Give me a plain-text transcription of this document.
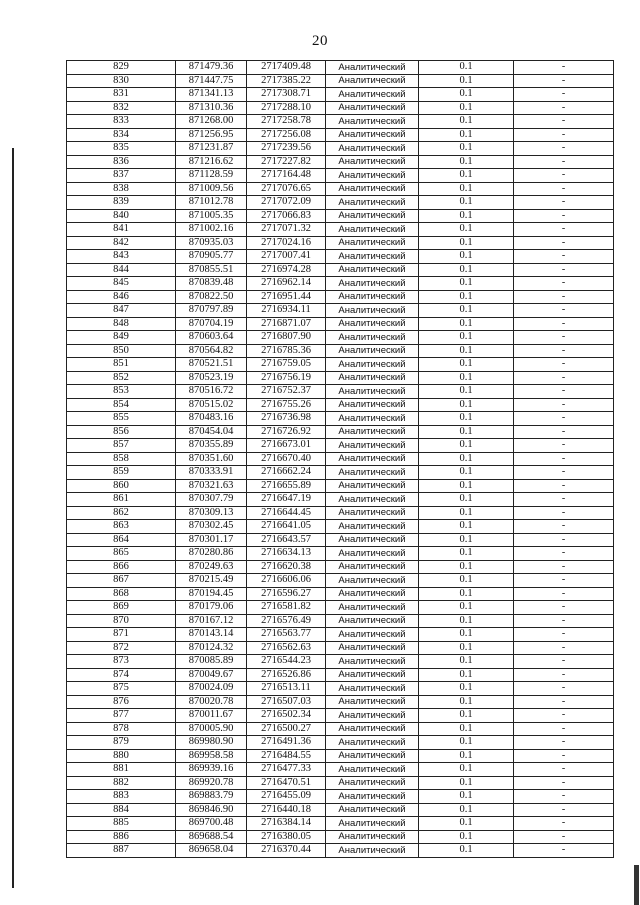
20
829	871479.36	2717409.48	Аналитический	0.1	-
830	871447.75	2717385.22	Аналитический	0.1	-
831	871341.13	2717308.71	Аналитический	0.1	-
832	871310.36	2717288.10	Аналитический	0.1	-
833	871268.00	2717258.78	Аналитический	0.1	-
834	871256.95	2717256.08	Аналитический	0.1	-
835	871231.87	2717239.56	Аналитический	0.1	-
836	871216.62	2717227.82	Аналитический	0.1	-
837	871128.59	2717164.48	Аналитический	0.1	-
838	871009.56	2717076.65	Аналитический	0.1	-
839	871012.78	2717072.09	Аналитический	0.1	-
840	871005.35	2717066.83	Аналитический	0.1	-
841	871002.16	2717071.32	Аналитический	0.1	-
842	870935.03	2717024.16	Аналитический	0.1	-
843	870905.77	2717007.41	Аналитический	0.1	-
844	870855.51	2716974.28	Аналитический	0.1	-
845	870839.48	2716962.14	Аналитический	0.1	-
846	870822.50	2716951.44	Аналитический	0.1	-
847	870797.89	2716934.11	Аналитический	0.1	-
848	870704.19	2716871.07	Аналитический	0.1	-
849	870603.64	2716807.90	Аналитический	0.1	-
850	870564.82	2716785.36	Аналитический	0.1	-
851	870521.51	2716759.05	Аналитический	0.1	-
852	870523.19	2716756.19	Аналитический	0.1	-
853	870516.72	2716752.37	Аналитический	0.1	-
854	870515.02	2716755.26	Аналитический	0.1	-
855	870483.16	2716736.98	Аналитический	0.1	-
856	870454.04	2716726.92	Аналитический	0.1	-
857	870355.89	2716673.01	Аналитический	0.1	-
858	870351.60	2716670.40	Аналитический	0.1	-
859	870333.91	2716662.24	Аналитический	0.1	-
860	870321.63	2716655.89	Аналитический	0.1	-
861	870307.79	2716647.19	Аналитический	0.1	-
862	870309.13	2716644.45	Аналитический	0.1	-
863	870302.45	2716641.05	Аналитический	0.1	-
864	870301.17	2716643.57	Аналитический	0.1	-
865	870280.86	2716634.13	Аналитический	0.1	-
866	870249.63	2716620.38	Аналитический	0.1	-
867	870215.49	2716606.06	Аналитический	0.1	-
868	870194.45	2716596.27	Аналитический	0.1	-
869	870179.06	2716581.82	Аналитический	0.1	-
870	870167.12	2716576.49	Аналитический	0.1	-
871	870143.14	2716563.77	Аналитический	0.1	-
872	870124.32	2716562.63	Аналитический	0.1	-
873	870085.89	2716544.23	Аналитический	0.1	-
874	870049.67	2716526.86	Аналитический	0.1	-
875	870024.09	2716513.11	Аналитический	0.1	-
876	870020.78	2716507.03	Аналитический	0.1	-
877	870011.67	2716502.34	Аналитический	0.1	-
878	870005.90	2716500.27	Аналитический	0.1	-
879	869980.90	2716491.36	Аналитический	0.1	-
880	869958.58	2716484.55	Аналитический	0.1	-
881	869939.16	2716477.33	Аналитический	0.1	-
882	869920.78	2716470.51	Аналитический	0.1	-
883	869883.79	2716455.09	Аналитический	0.1	-
884	869846.90	2716440.18	Аналитический	0.1	-
885	869700.48	2716384.14	Аналитический	0.1	-
886	869688.54	2716380.05	Аналитический	0.1	-
887	869658.04	2716370.44	Аналитический	0.1	-
